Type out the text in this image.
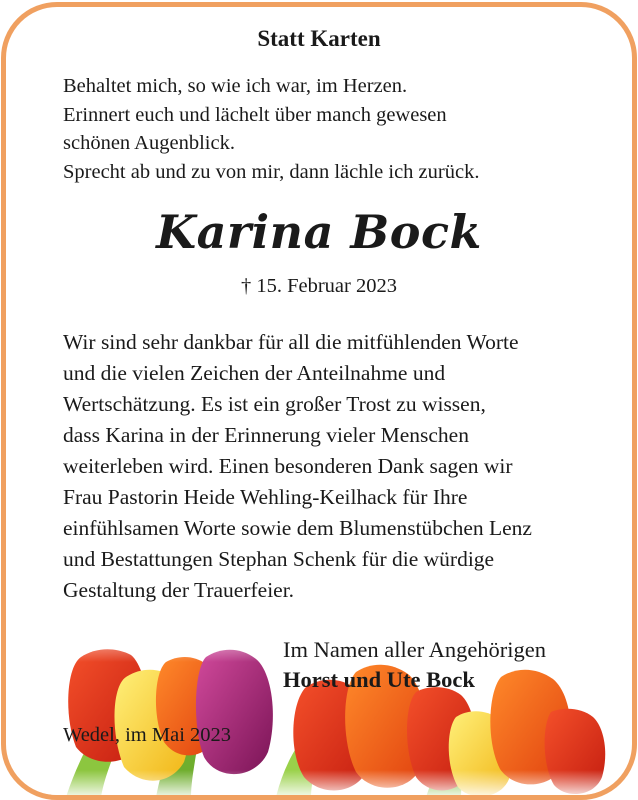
Statt Karten

Behaltet mich, so wie ich war, im Herzen.
Erinnert euch und lächelt über manch gewesen
schönen Augenblick.
Sprecht ab und zu von mir, dann lächle ich zurück.

Karina Bock

† 15. Februar 2023

Wir sind sehr dankbar für all die mitfühlenden Worte
und die vielen Zeichen der Anteilnahme und
Wertschätzung. Es ist ein großer Trost zu wissen,
dass Karina in der Erinnerung vieler Menschen
weiterleben wird. Einen besonderen Dank sagen wir
Frau Pastorin Heide Wehling-Keilhack für Ihre
einfühlsamen Worte sowie dem Blumenstübchen Lenz
und Bestattungen Stephan Schenk für die würdige
Gestaltung der Trauerfeier.

Im Namen aller Angehörigen
Horst und Ute Bock

Wedel, im Mai 2023
